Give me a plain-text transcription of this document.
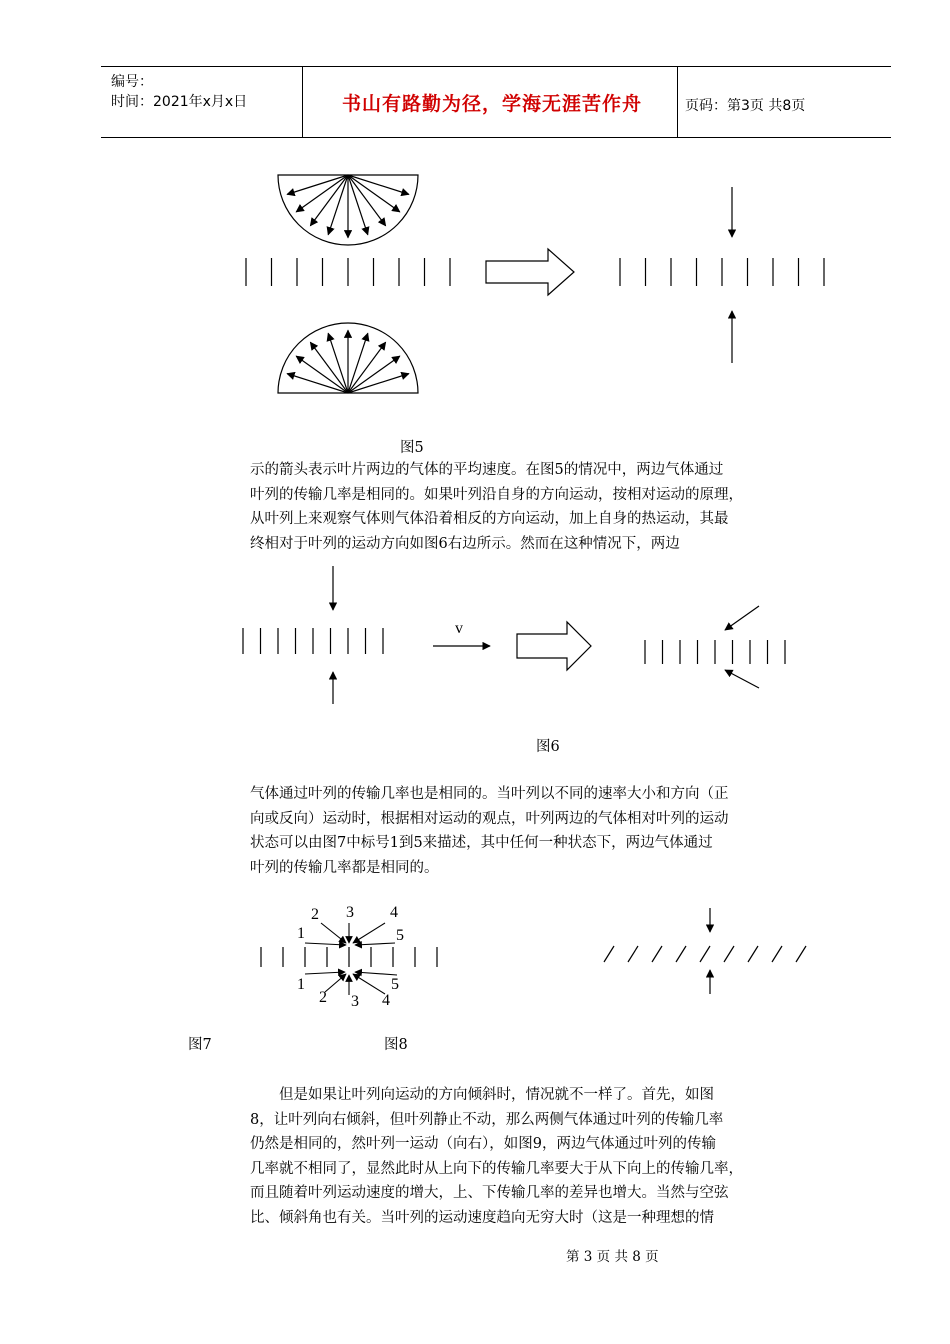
编号：
时间：2021年x月x日	书山有路勤为径，学海无涯苦作舟	页码：第3页 共8页
图5
示的箭头表示叶片两边的气体的平均速度。在图5的情况中，两边气体通过
叶列的传输几率是相同的。如果叶列沿自身的方向运动，按相对运动的原理，
从叶列上来观察气体则气体沿着相反的方向运动，加上自身的热运动，其最
终相对于叶列的运动方向如图6右边所示。然而在这种情况下，两边
v
图6
气体通过叶列的传输几率也是相同的。当叶列以不同的速率大小和方向（正
向或反向）运动时，根据相对运动的观点，叶列两边的气体相对叶列的运动
状态可以由图7中标号1到5来描述，其中任何一种状态下，两边气体通过
叶列的传输几率都是相同的。
2 3 4
1	5
1	5
2 3 4
图7	图8
但是如果让叶列向运动的方向倾斜时，情况就不一样了。首先，如图
8，让叶列向右倾斜，但叶列静止不动，那么两侧气体通过叶列的传输几率
仍然是相同的，然叶列一运动（向右），如图9，两边气体通过叶列的传输
几率就不相同了，显然此时从上向下的传输几率要大于从下向上的传输几率，
而且随着叶列运动速度的增大，上、下传输几率的差异也增大。当然与空弦
比、倾斜角也有关。当叶列的运动速度趋向无穷大时（这是一种理想的情
第 3 页 共 8 页
